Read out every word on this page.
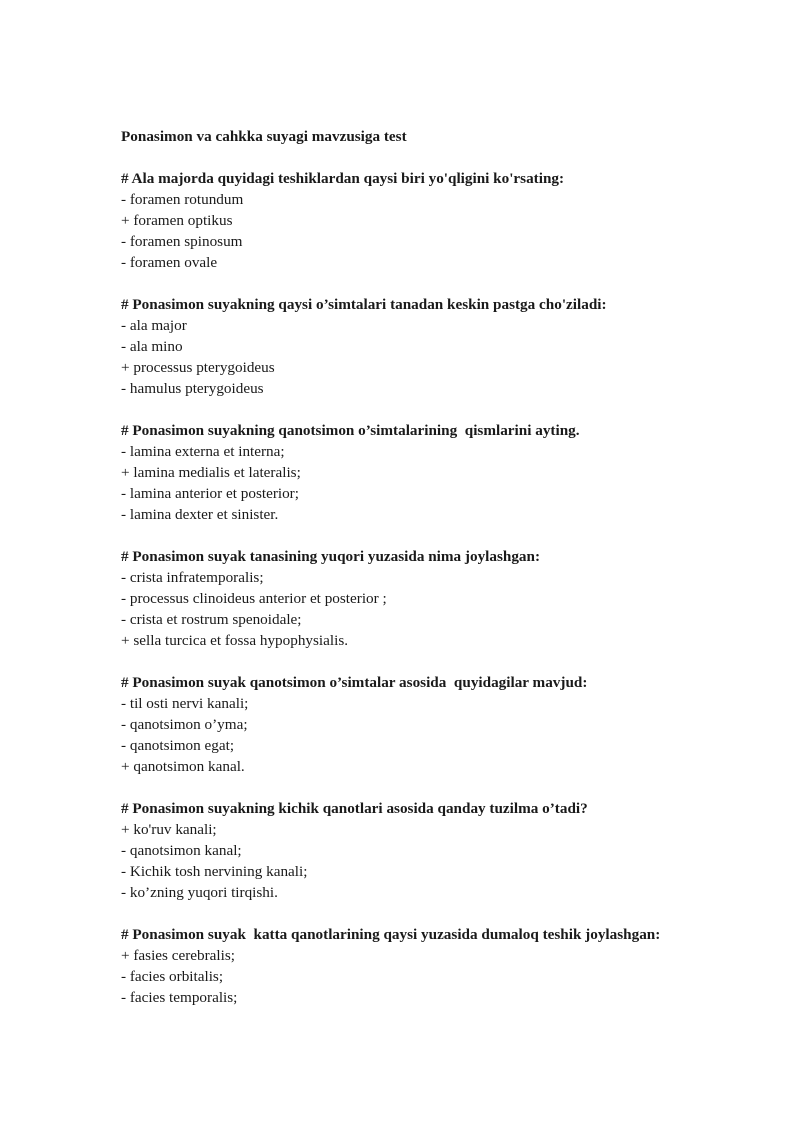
Ponasimon va cahkka suyagi mavzusiga test
# Ala majorda quyidagi teshiklardan qaysi biri yo'qligini ko'rsating:
- foramen rotundum
+ foramen optikus
- foramen spinosum
- foramen ovale
# Ponasimon suyakning qaysi o’simtalari tanadan keskin pastga cho'ziladi:
- ala major
- ala mino
+ processus pterygoideus
- hamulus pterygoideus
# Ponasimon suyakning qanotsimon o’simtalarining  qismlarini ayting.
- lamina externa et interna;
+ lamina medialis et lateralis;
- lamina anterior et posterior;
- lamina dexter et sinister.
# Ponasimon suyak tanasining yuqori yuzasida nima joylashgan:
- crista infratemporalis;
- processus clinoideus anterior et posterior ;
- crista et rostrum spenoidale;
+ sella turcica et fossa hypophysialis.
# Ponasimon suyak qanotsimon o’simtalar asosida  quyidagilar mavjud:
- til osti nervi kanali;
- qanotsimon o’yma;
- qanotsimon egat;
+ qanotsimon kanal.
# Ponasimon suyakning kichik qanotlari asosida qanday tuzilma o’tadi?
+ ko'ruv kanali;
- qanotsimon kanal;
- Kichik tosh nervining kanali;
- ko’zning yuqori tirqishi.
# Ponasimon suyak  katta qanotlarining qaysi yuzasida dumaloq teshik joylashgan:
+ fasies cerebralis;
- facies orbitalis;
- facies temporalis;
